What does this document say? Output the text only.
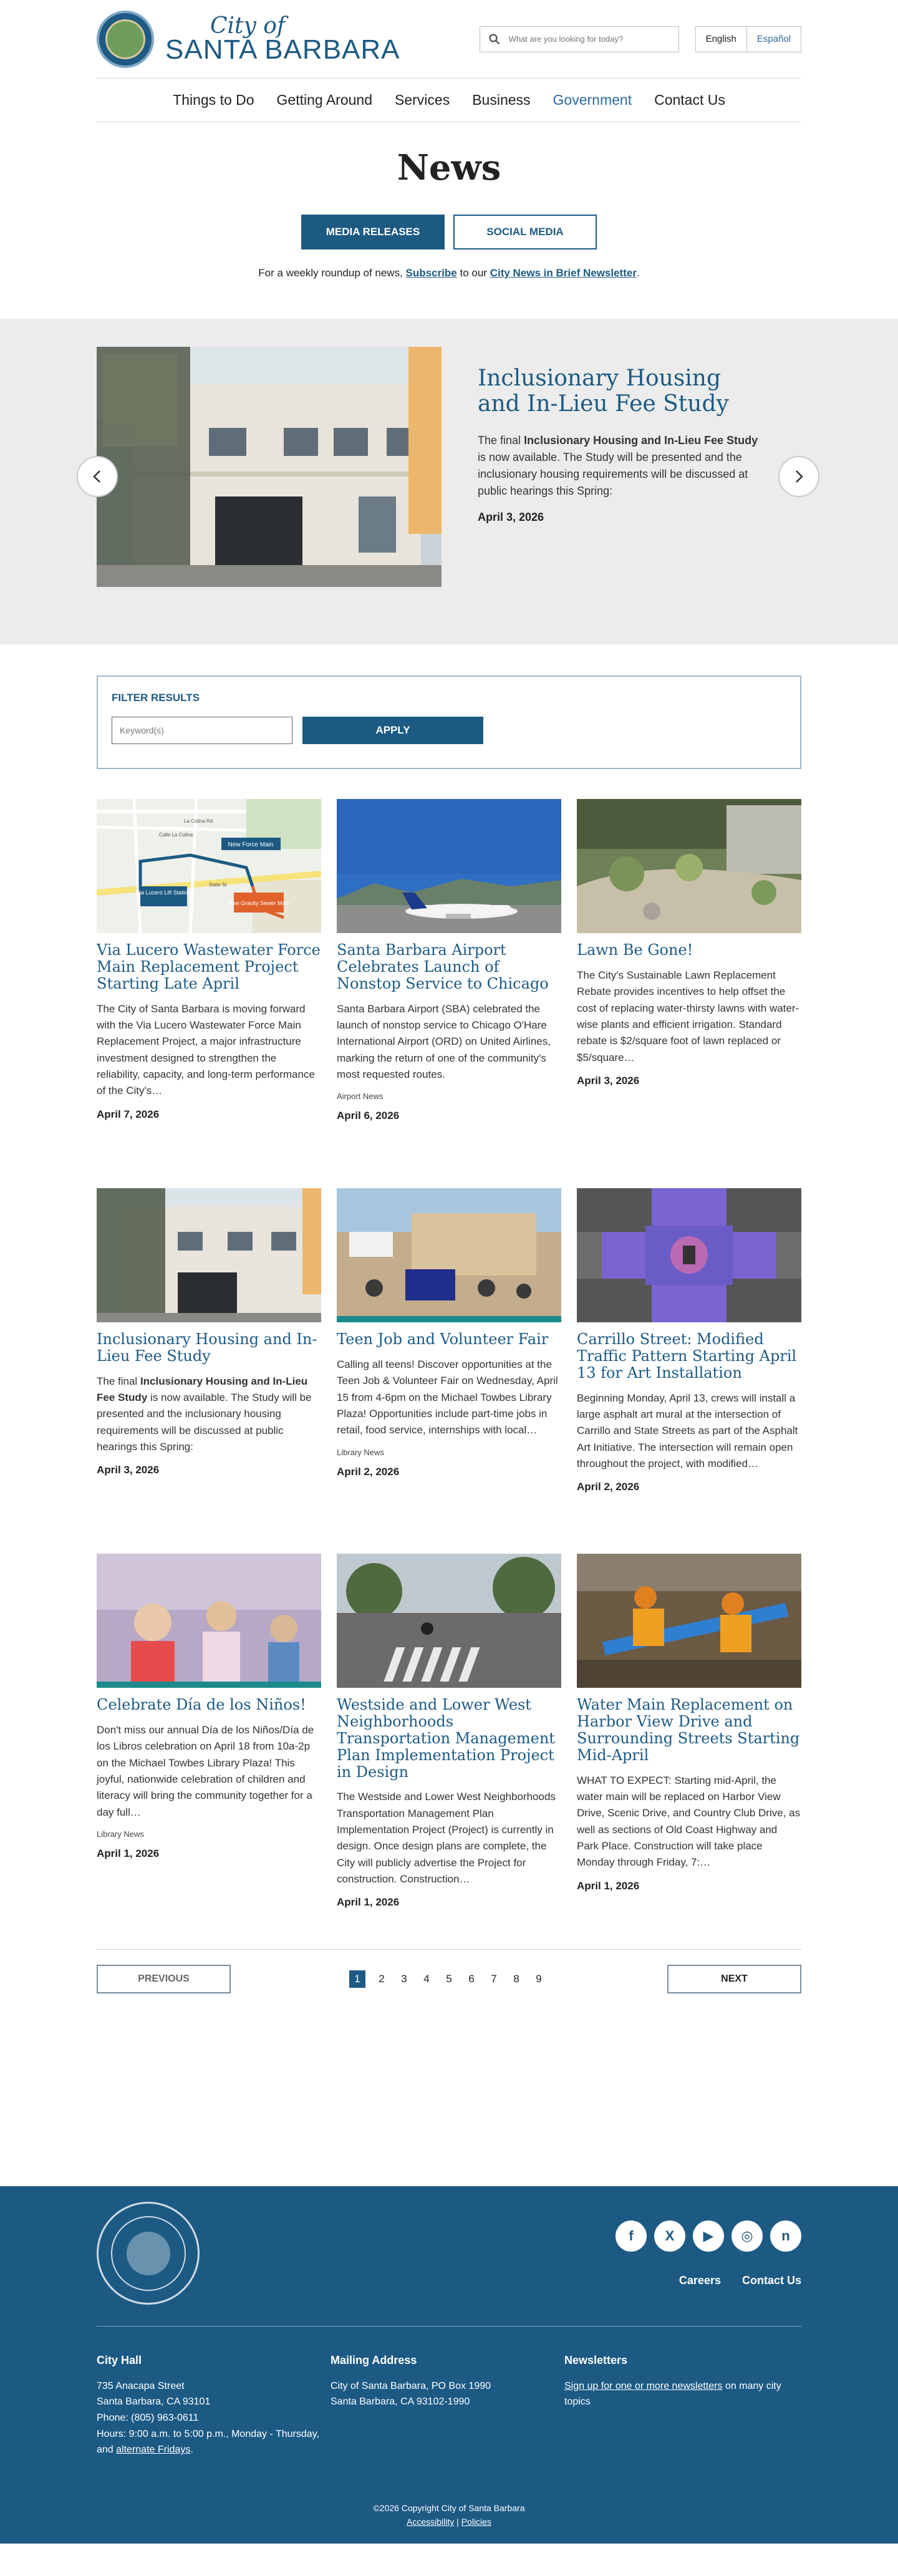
City of
SANTA BARBARA
What are you looking for today?	English	Español
Things to Do	Getting Around	Services	Business	Government	Contact Us
News
MEDIA RELEASES	SOCIAL MEDIA

For a weekly roundup of news, Subscribe to our City News in Brief Newsletter.

Inclusionary Housing and In-Lieu Fee Study

The final Inclusionary Housing and In-Lieu Fee Study is now available. The Study will be presented and the inclusionary housing requirements will be discussed at public hearings this Spring:

April 3, 2026
FILTER RESULTS
Keyword(s)
APPLY
New Force Main
Via Lucero Lift Station
New Gravity Sewer Main
La Colina Rd
Calle La Colina
State St
Via Lucero Wastewater Force Main Replacement Project Starting Late April

The City of Santa Barbara is moving forward with the Via Lucero Wastewater Force Main Replacement Project, a major infrastructure investment designed to strengthen the reliability, capacity, and long-term performance of the City's…

April 7, 2026
Santa Barbara Airport Celebrates Launch of Nonstop Service to Chicago

Santa Barbara Airport (SBA) celebrated the launch of nonstop service to Chicago O'Hare International Airport (ORD) on United Airlines, marking the return of one of the community's most requested routes.

Airport News
April 6, 2026
Lawn Be Gone!

The City's Sustainable Lawn Replacement Rebate provides incentives to help offset the cost of replacing water-thirsty lawns with water-wise plants and efficient irrigation. Standard rebate is $2/square foot of lawn replaced or $5/square…

April 3, 2026
Inclusionary Housing and In-Lieu Fee Study

The final Inclusionary Housing and In-Lieu Fee Study is now available. The Study will be presented and the inclusionary housing requirements will be discussed at public hearings this Spring:

April 3, 2026
Teen Job and Volunteer Fair

Calling all teens! Discover opportunities at the Teen Job & Volunteer Fair on Wednesday, April 15 from 4-6pm on the Michael Towbes Library Plaza! Opportunities include part-time jobs in retail, food service, internships with local…

Library News
April 2, 2026
Carrillo Street: Modified Traffic Pattern Starting April 13 for Art Installation

Beginning Monday, April 13, crews will install a large asphalt art mural at the intersection of Carrillo and State Streets as part of the Asphalt Art Initiative. The intersection will remain open throughout the project, with modified…

April 2, 2026
Celebrate Día de los Niños!

Don't miss our annual Día de los Niños/Día de los Libros celebration on April 18 from 10a-2p on the Michael Towbes Library Plaza! This joyful, nationwide celebration of children and literacy will bring the community together for a day full…

Library News
April 1, 2026
Westside and Lower West Neighborhoods Transportation Management Plan Implementation Project in Design

The Westside and Lower West Neighborhoods Transportation Management Plan Implementation Project (Project) is currently in design. Once design plans are complete, the City will publicly advertise the Project for construction. Construction…

April 1, 2026
Water Main Replacement on Harbor View Drive and Surrounding Streets Starting Mid-April

WHAT TO EXPECT: Starting mid-April, the water main will be replaced on Harbor View Drive, Scenic Drive, and Country Club Drive, as well as sections of Old Coast Highway and Park Place. Construction will take place Monday through Friday, 7:…

April 1, 2026
PREVIOUS	1	2	3	4	5	6	7	8	9	NEXT
f	X	▶	◎	n
Careers Contact Us
City Hall
735 Anacapa Street
Santa Barbara, CA 93101
Phone: (805) 963-0611
Hours: 9:00 a.m. to 5:00 p.m., Monday - Thursday, and alternate Fridays.
Mailing Address
City of Santa Barbara, PO Box 1990
Santa Barbara, CA 93102-1990
Newsletters
Sign up for one or more newsletters on many city topics
©2026 Copyright City of Santa Barbara
Accessibility | Policies
